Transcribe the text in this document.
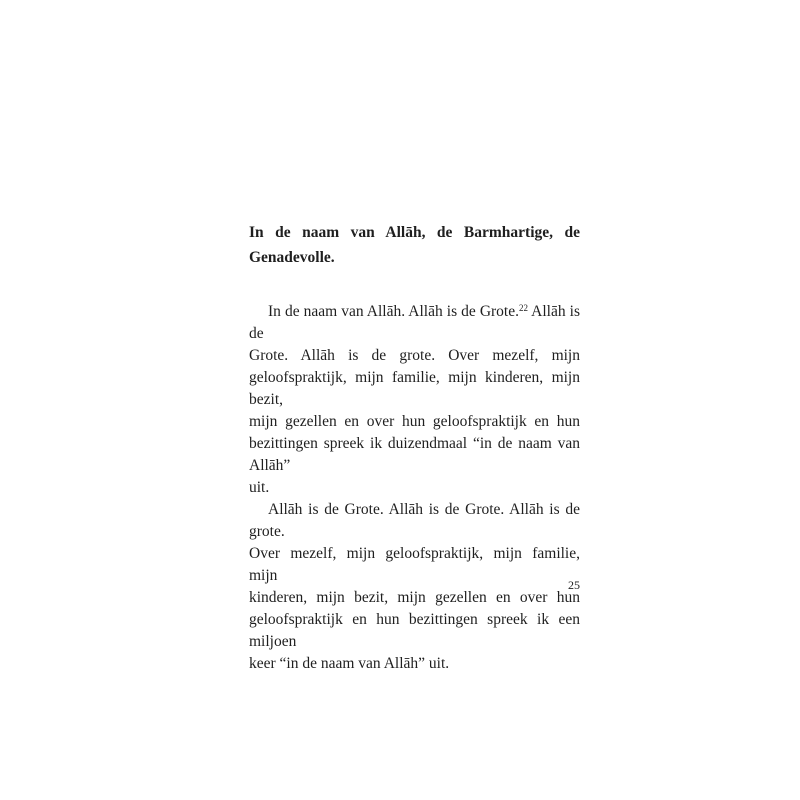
In de naam van Allāh, de Barmhartige, de
Genadevolle.

In de naam van Allāh. Allāh is de Grote.$^{22}$ Allāh is de
Grote. Allāh is de grote. Over mezelf, mijn
geloofspraktijk, mijn familie, mijn kinderen, mijn bezit,
mijn gezellen en over hun geloofspraktijk en hun
bezittingen spreek ik duizendmaal “in de naam van Allāh”
uit.

Allāh is de Grote. Allāh is de Grote. Allāh is de grote.
Over mezelf, mijn geloofspraktijk, mijn familie, mijn
kinderen, mijn bezit, mijn gezellen en over hun
geloofspraktijk en hun bezittingen spreek ik een miljoen
keer “in de naam van Allāh” uit.

25
